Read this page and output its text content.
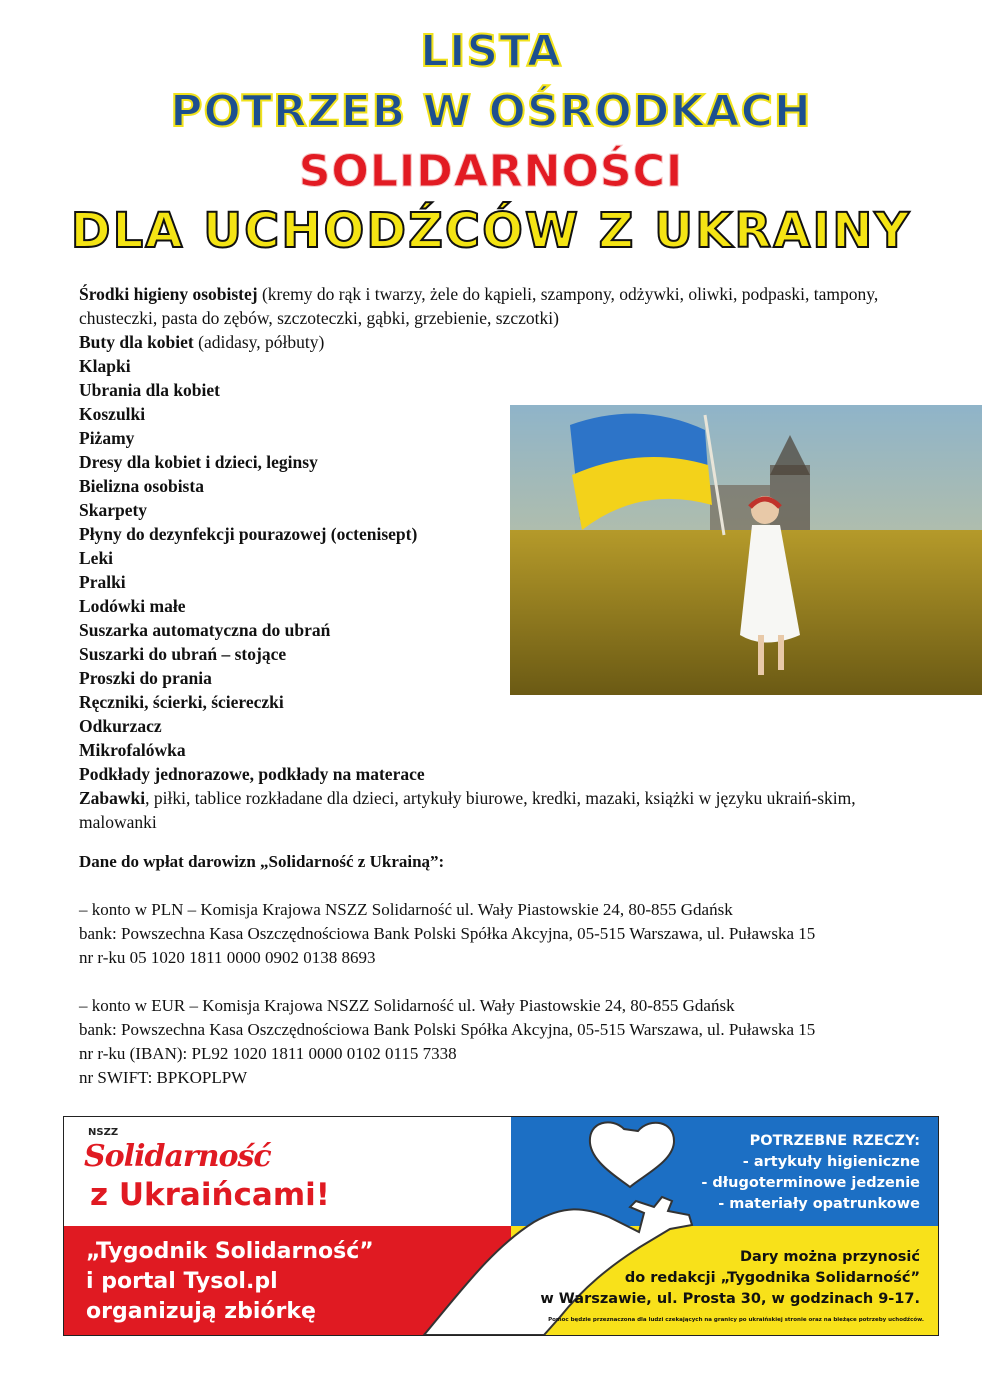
LISTA
POTRZEB W OŚRODKACH
SOLIDARNOŚCI
DLA UCHODŹCÓW Z UKRAINY
Środki higieny osobistej (kremy do rąk i twarzy, żele do kąpieli, szampony, odżywki, oliwki, podpaski, tampony, chusteczki, pasta do zębów, szczoteczki, gąbki, grzebienie, szczotki)
Buty dla kobiet (adidasy, półbuty)
Klapki
Ubrania dla kobiet
Koszulki
Piżamy
Dresy dla kobiet i dzieci, leginsy
Bielizna osobista
Skarpety
Płyny do dezynfekcji pourazowej (octenisept)
Leki
Pralki
Lodówki małe
Suszarka automatyczna do ubrań
Suszarki do ubrań – stojące
Proszki do prania
Ręczniki, ścierki, ściereczki
Odkurzacz
Mikrofalówka
Podkłady jednorazowe, podkłady na materace
Zabawki, piłki, tablice rozkładane dla dzieci, artykuły biurowe, kredki, mazaki, książki w języku ukraiń-skim, malowanki
Dane do wpłat darowizn „Solidarność z Ukrainą”:
– konto w PLN – Komisja Krajowa NSZZ Solidarność ul. Wały Piastowskie 24, 80-855 Gdańsk
bank: Powszechna Kasa Oszczędnościowa Bank Polski Spółka Akcyjna, 05-515 Warszawa, ul. Puławska 15
nr r-ku 05 1020 1811 0000 0902 0138 8693
– konto w EUR – Komisja Krajowa NSZZ Solidarność ul. Wały Piastowskie 24, 80-855 Gdańsk
bank: Powszechna Kasa Oszczędnościowa Bank Polski Spółka Akcyjna, 05-515 Warszawa, ul. Puławska 15
nr r-ku (IBAN): PL92 1020 1811 0000 0102 0115 7338
nr SWIFT: BPKOPLPW
NSZZ
Solidarność
z Ukraińcami!
„Tygodnik Solidarność”
i portal Tysol.pl
organizują zbiórkę
POTRZEBNE RZECZY:
- artykuły higieniczne
- długoterminowe jedzenie
- materiały opatrunkowe
Dary można przynosić
do redakcji „Tygodnika Solidarność”
w Warszawie, ul. Prosta 30, w godzinach 9-17.
Pomoc będzie przeznaczona dla ludzi czekających na granicy po ukraińskiej stronie oraz na bieżące potrzeby uchodźców.
